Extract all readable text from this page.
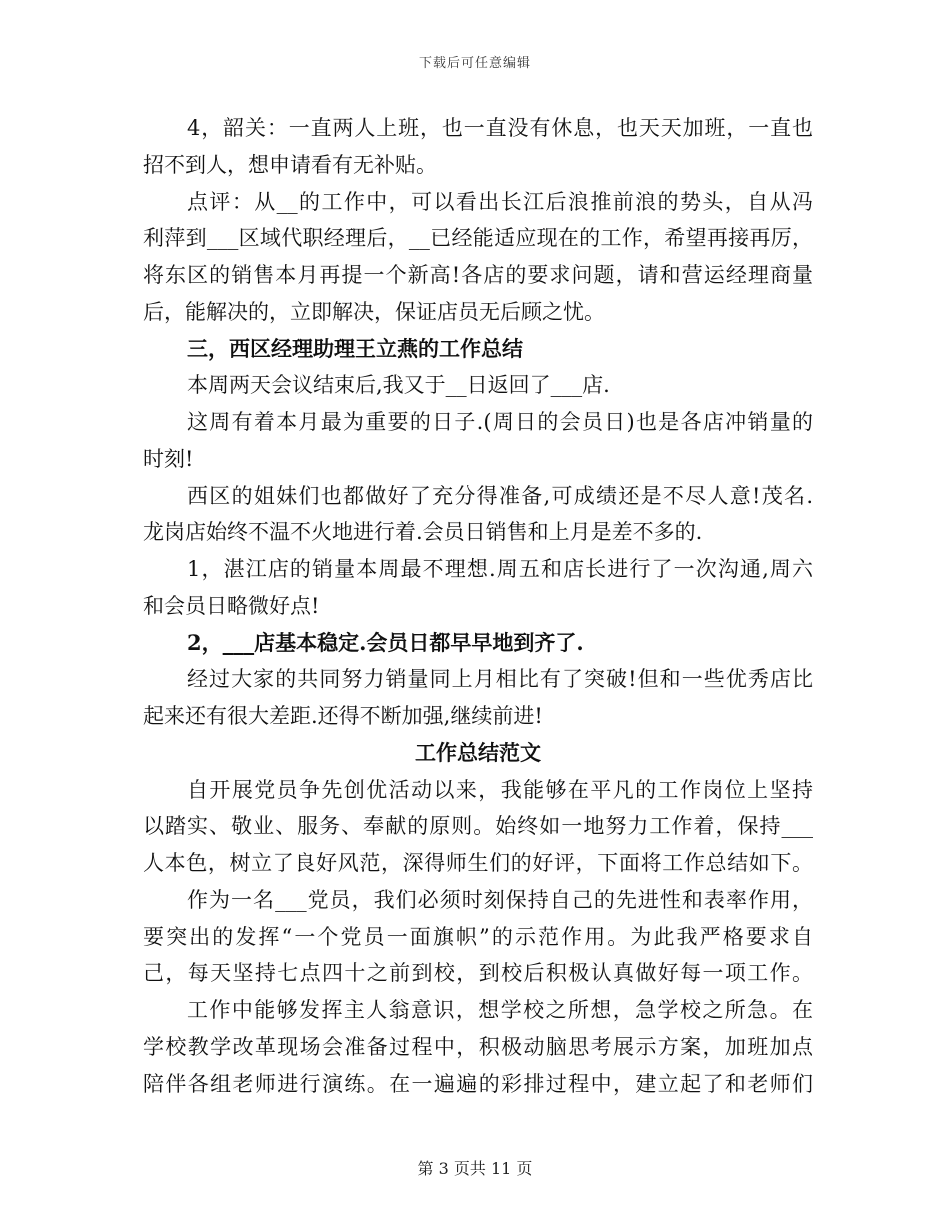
下载后可任意编辑
4，韶关：一直两人上班，也一直没有休息，也天天加班，一直也
招不到人，想申请看有无补贴。
点评：从__的工作中，可以看出长江后浪推前浪的势头，自从冯
利萍到___区域代职经理后，__已经能适应现在的工作，希望再接再厉，
将东区的销售本月再提一个新高!各店的要求问题，请和营运经理商量
后，能解决的，立即解决，保证店员无后顾之忧。
三，西区经理助理王立燕的工作总结
本周两天会议结束后,我又于__日返回了___店.
这周有着本月最为重要的日子.(周日的会员日)也是各店冲销量的
时刻!
西区的姐妹们也都做好了充分得准备,可成绩还是不尽人意!茂名.
龙岗店始终不温不火地进行着.会员日销售和上月是差不多的.
1，湛江店的销量本周最不理想.周五和店长进行了一次沟通,周六
和会员日略微好点!
2，___店基本稳定.会员日都早早地到齐了.
经过大家的共同努力销量同上月相比有了突破!但和一些优秀店比
起来还有很大差距.还得不断加强,继续前进!
工作总结范文
自开展党员争先创优活动以来，我能够在平凡的工作岗位上坚持
以踏实、敬业、服务、奉献的原则。始终如一地努力工作着，保持___
人本色，树立了良好风范，深得师生们的好评，下面将工作总结如下。
作为一名___党员，我们必须时刻保持自己的先进性和表率作用，
要突出的发挥“一个党员一面旗帜”的示范作用。为此我严格要求自
己，每天坚持七点四十之前到校，到校后积极认真做好每一项工作。
工作中能够发挥主人翁意识，想学校之所想，急学校之所急。在
学校教学改革现场会准备过程中，积极动脑思考展示方案，加班加点
陪伴各组老师进行演练。在一遍遍的彩排过程中，建立起了和老师们
第 3 页共 11 页
